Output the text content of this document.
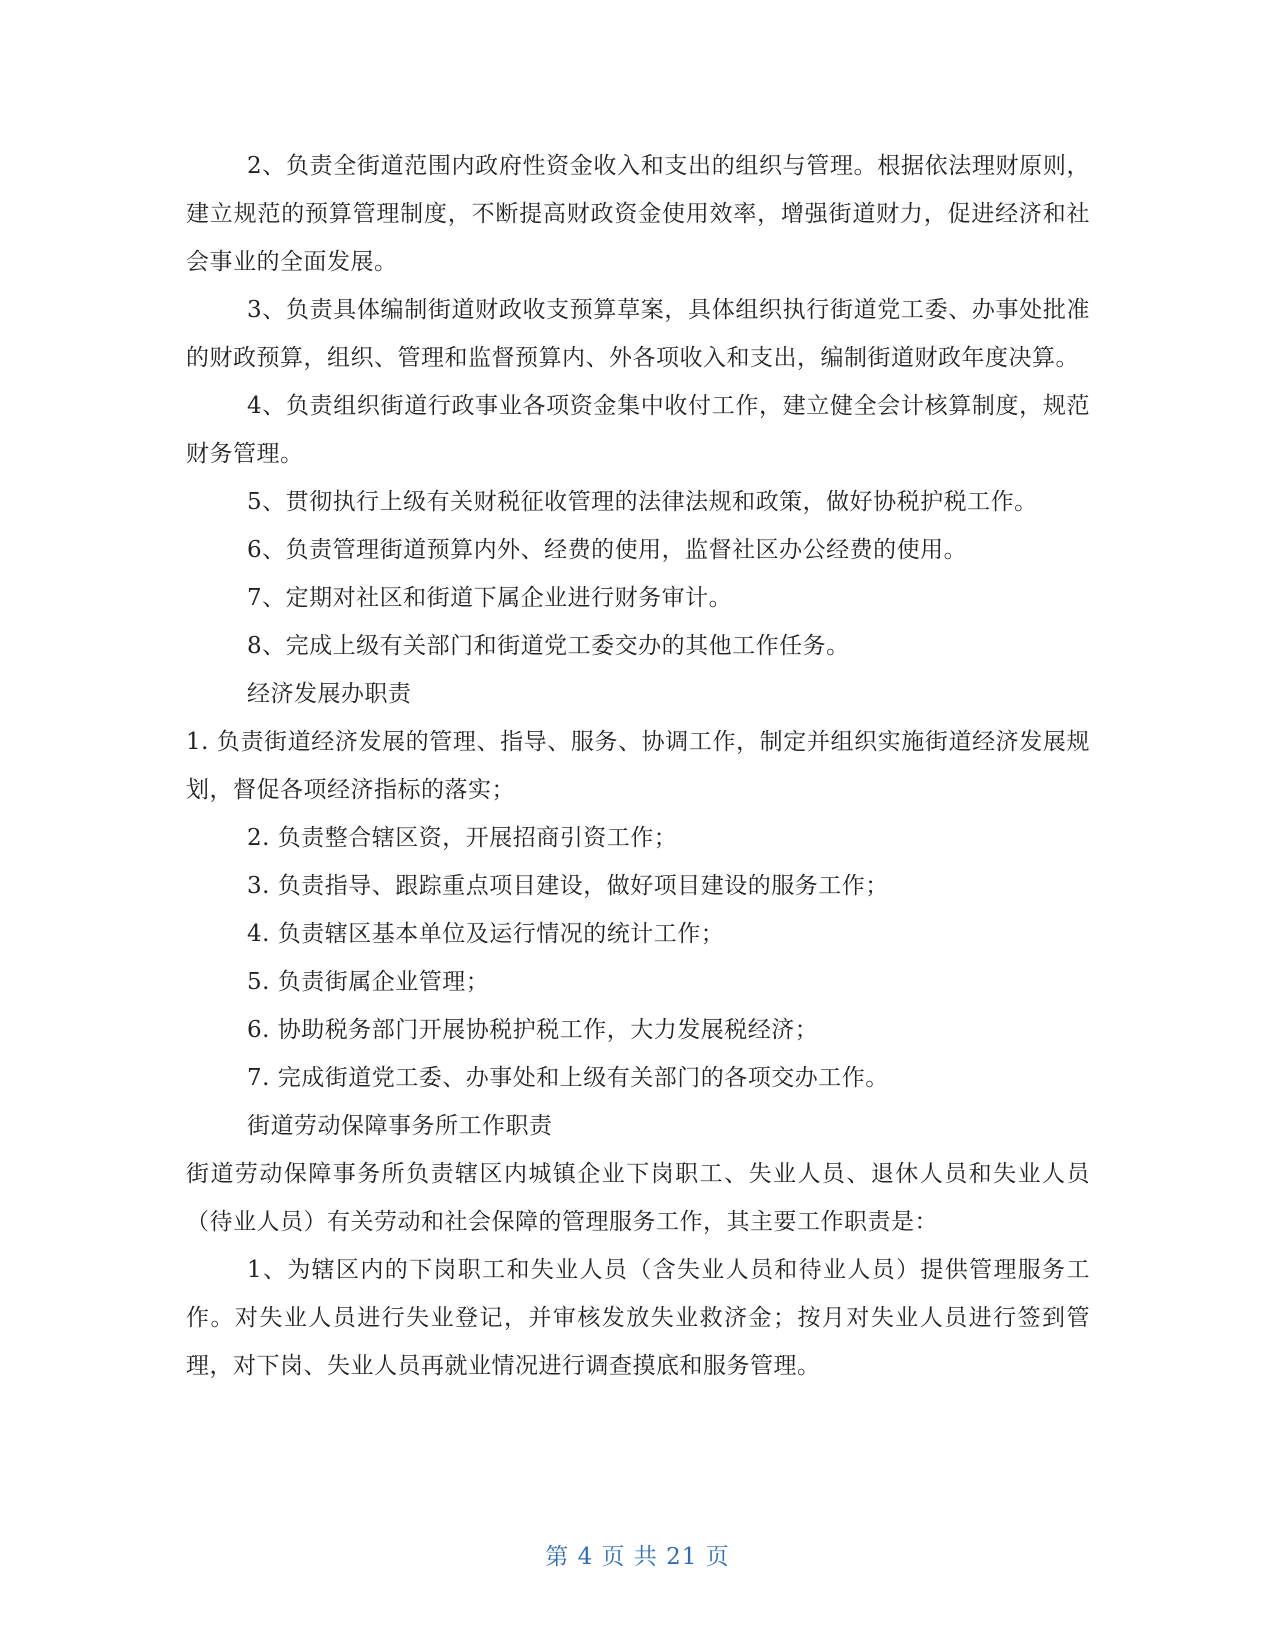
2、负责全街道范围内政府性资金收入和支出的组织与管理。根据依法理财原则，建立规范的预算管理制度，不断提高财政资金使用效率，增强街道财力，促进经济和社会事业的全面发展。

3、负责具体编制街道财政收支预算草案，具体组织执行街道党工委、办事处批准的财政预算，组织、管理和监督预算内、外各项收入和支出，编制街道财政年度决算。

4、负责组织街道行政事业各项资金集中收付工作，建立健全会计核算制度，规范财务管理。

5、贯彻执行上级有关财税征收管理的法律法规和政策，做好协税护税工作。

6、负责管理街道预算内外、经费的使用，监督社区办公经费的使用。

7、定期对社区和街道下属企业进行财务审计。

8、完成上级有关部门和街道党工委交办的其他工作任务。

经济发展办职责

1. 负责街道经济发展的管理、指导、服务、协调工作，制定并组织实施街道经济发展规划，督促各项经济指标的落实；

2. 负责整合辖区资，开展招商引资工作；

3. 负责指导、跟踪重点项目建设，做好项目建设的服务工作；

4. 负责辖区基本单位及运行情况的统计工作；

5. 负责街属企业管理；

6. 协助税务部门开展协税护税工作，大力发展税经济；

7. 完成街道党工委、办事处和上级有关部门的各项交办工作。

街道劳动保障事务所工作职责

街道劳动保障事务所负责辖区内城镇企业下岗职工、失业人员、退休人员和失业人员（待业人员）有关劳动和社会保障的管理服务工作，其主要工作职责是：

1、为辖区内的下岗职工和失业人员（含失业人员和待业人员）提供管理服务工作。对失业人员进行失业登记，并审核发放失业救济金；按月对失业人员进行签到管理，对下岗、失业人员再就业情况进行调查摸底和服务管理。

第 4 页 共 21 页
